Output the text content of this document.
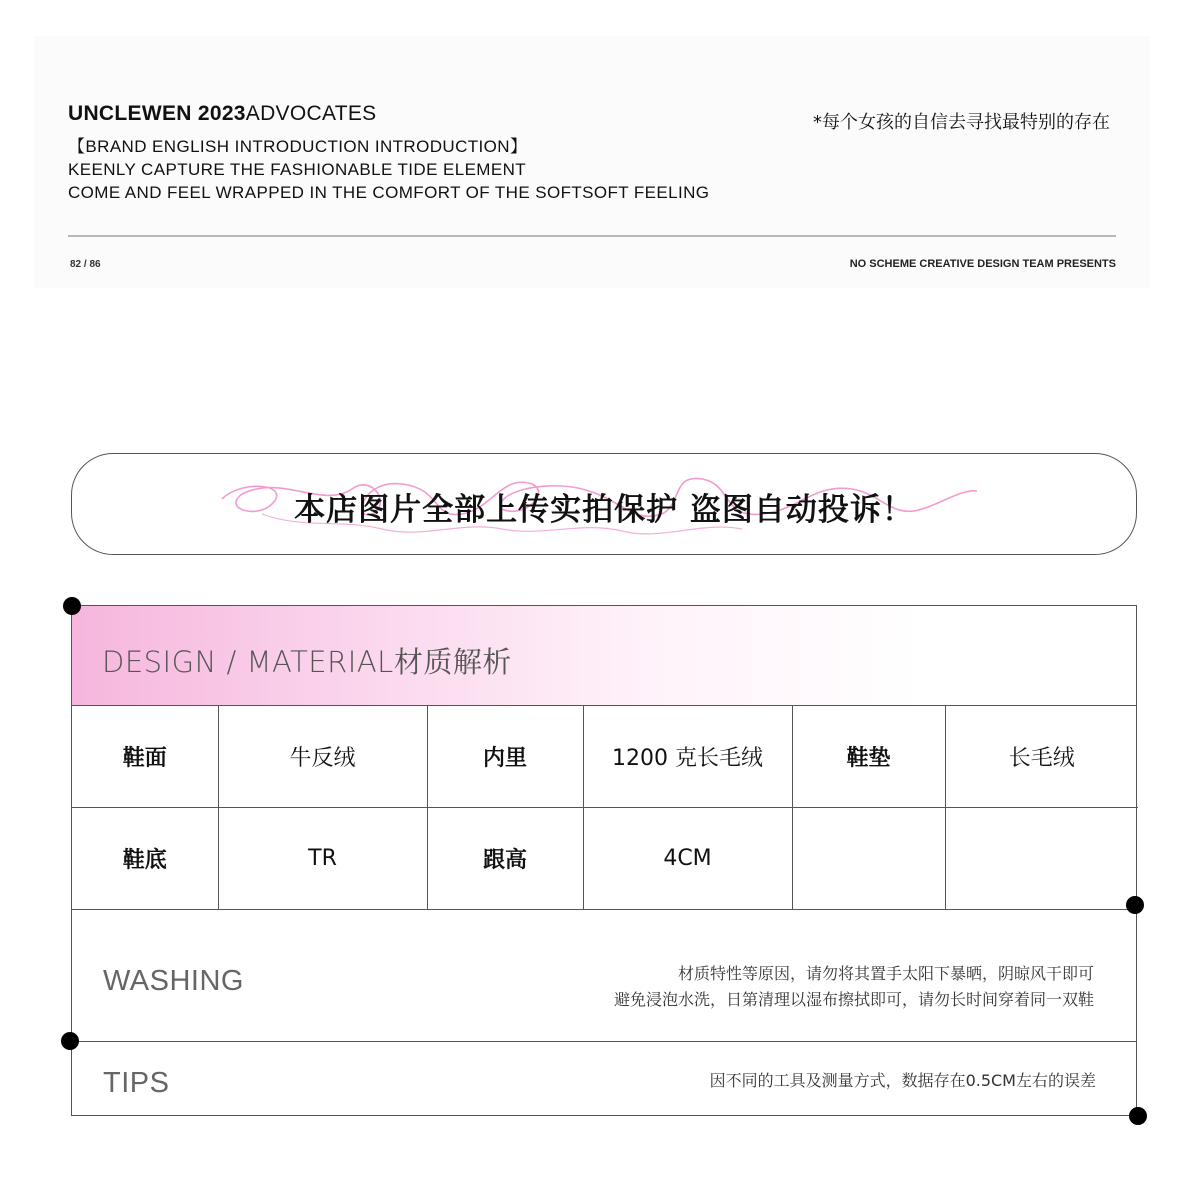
UNCLEWEN 2023ADVOCATES
【BRAND ENGLISH INTRODUCTION INTRODUCTION】
KEENLY CAPTURE THE FASHIONABLE TIDE ELEMENT
COME AND FEEL WRAPPED IN THE COMFORT OF THE SOFTSOFT FEELING
*每个女孩的自信去寻找最特别的存在
82 / 86	NO SCHEME CREATIVE DESIGN TEAM PRESENTS
本店图片全部上传实拍保护 盗图自动投诉！
DESIGN / MATERIAL材质解析
鞋面	牛反绒	内里	1200 克长毛绒	鞋垫	长毛绒
鞋底	TR	跟高	4CM		
WASHING	材质特性等原因，请勿将其置手太阳下暴晒，阴晾风干即可
避免浸泡水洗，日第清理以湿布擦拭即可，请勿长时间穿着同一双鞋
TIPS	因不同的工具及测量方式，数据存在0.5CM左右的误差
